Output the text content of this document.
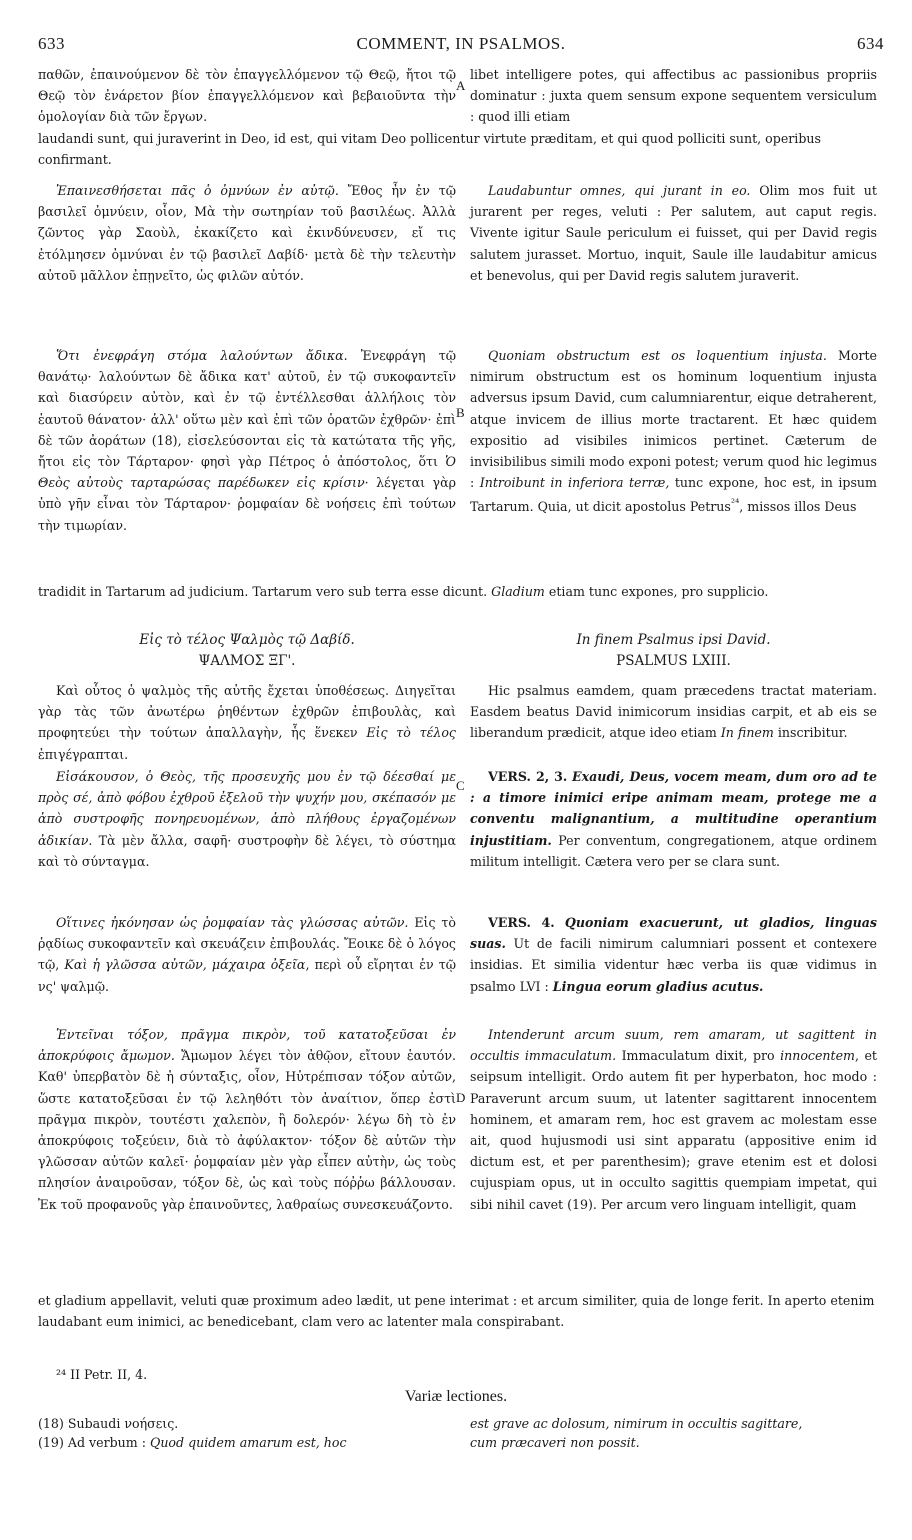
633	COMMENT, IN PSALMOS.	634
A
B
C
D

παθῶν, ἐπαινούμενον δὲ τὸν ἐπαγγελλόμενον τῷ Θεῷ, ἤτοι τῷ Θεῷ τὸν ἐνάρετον βίον ἐπαγγελλόμενον καὶ βεβαιοῦντα τὴν ὁμολογίαν διὰ τῶν ἔργων.

libet intelligere potes, qui affectibus ac passionibus propriis dominatur : juxta quem sensum expone sequentem versiculum : quod illi etiam

laudandi sunt, qui juraverint in Deo, id est, qui vitam Deo pollicentur virtute præditam, et qui quod polliciti sunt, operibus confirmant.

Ἐπαινεσθήσεται πᾶς ὁ ὀμνύων ἐν αὐτῷ. Ἔθος ἦν ἐν τῷ βασιλεῖ ὀμνύειν, οἷον, Μὰ τὴν σωτηρίαν τοῦ βασιλέως. Ἀλλὰ ζῶντος γὰρ Σαοὺλ, ἐκακίζετο καὶ ἐκινδύνευσεν, εἴ τις ἐτόλμησεν ὀμνύναι ἐν τῷ βασιλεῖ Δαβίδ· μετὰ δὲ τὴν τελευτὴν αὐτοῦ μᾶλλον ἐπῃνεῖτο, ὡς φιλῶν αὐτόν.

Laudabuntur omnes, qui jurant in eo. Olim mos fuit ut jurarent per reges, veluti : Per salutem, aut caput regis. Vivente igitur Saule periculum ei fuisset, qui per David regis salutem jurasset. Mortuo, inquit, Saule ille laudabitur amicus et benevolus, qui per David regis salutem juraverit.

Ὅτι ἐνεφράγη στόμα λαλούντων ἄδικα. Ἐνεφράγη τῷ θανάτῳ· λαλούντων δὲ ἄδικα κατ' αὐτοῦ, ἐν τῷ συκοφαντεῖν καὶ διασύρειν αὐτὸν, καὶ ἐν τῷ ἐντέλλεσθαι ἀλλήλοις τὸν ἑαυτοῦ θάνατον· ἀλλ' οὕτω μὲν καὶ ἐπὶ τῶν ὁρατῶν ἐχθρῶν· ἐπὶ δὲ τῶν ἀοράτων (18), εἰσελεύσονται εἰς τὰ κατώτατα τῆς γῆς, ἤτοι εἰς τὸν Τάρταρον· φησὶ γὰρ Πέτρος ὁ ἀπόστολος, ὅτι Ὁ Θεὸς αὐτοὺς ταρταρώσας παρέδωκεν εἰς κρίσιν· λέγεται γὰρ ὑπὸ γῆν εἶναι τὸν Τάρταρον· ῥομφαίαν δὲ νοήσεις ἐπὶ τούτων τὴν τιμωρίαν.

Quoniam obstructum est os loquentium injusta. Morte nimirum obstructum est os hominum loquentium injusta adversus ipsum David, cum calumniarentur, eique detraherent, atque invicem de illius morte tractarent. Et hæc quidem expositio ad visibiles inimicos pertinet. Cæterum de invisibilibus simili modo exponi potest; verum quod hic legimus : Introibunt in inferiora terræ, tunc expone, hoc est, in ipsum Tartarum. Quia, ut dicit apostolus Petrus$^{^{24}}$, missos illos Deus

tradidit in Tartarum ad judicium. Tartarum vero sub terra esse dicunt. Gladium etiam tunc expones, pro supplicio.

Εἰς τὸ τέλος Ψαλμὸς τῷ Δαβίδ.

ΨΑΛΜΟΣ ΞΓ'.

In finem Psalmus ipsi David.

PSALMUS LXIII.

Καὶ οὗτος ὁ ψαλμὸς τῆς αὐτῆς ἔχεται ὑποθέσεως. Διηγεῖται γὰρ τὰς τῶν ἀνωτέρω ῥηθέντων ἐχθρῶν ἐπιβουλὰς, καὶ προφητεύει τὴν τούτων ἀπαλλαγὴν, ἧς ἕνεκεν Εἰς τὸ τέλος ἐπιγέγραπται.

Hic psalmus eamdem, quam præcedens tractat materiam. Easdem beatus David inimicorum insidias carpit, et ab eis se liberandum prædicit, atque ideo etiam In finem inscribitur.

Εἰσάκουσον, ὁ Θεὸς, τῆς προσευχῆς μου ἐν τῷ δέεσθαί με πρὸς σέ, ἀπὸ φόβου ἐχθροῦ ἐξελοῦ τὴν ψυχήν μου, σκέπασόν με ἀπὸ συστροφῆς πονηρευομένων, ἀπὸ πλήθους ἐργαζομένων ἀδικίαν. Τὰ μὲν ἄλλα, σαφῆ· συστροφὴν δὲ λέγει, τὸ σύστημα καὶ τὸ σύνταγμα.

VERS. 2, 3. Exaudi, Deus, vocem meam, dum oro ad te : a timore inimici eripe animam meam, protege me a conventu malignantium, a multitudine operantium injustitiam. Per conventum, congregationem, atque ordinem militum intelligit. Cætera vero per se clara sunt.

Οἵτινες ἠκόνησαν ὡς ῥομφαίαν τὰς γλώσσας αὐτῶν. Εἰς τὸ ῥᾳδίως συκοφαντεῖν καὶ σκευάζειν ἐπιβουλάς. Ἔοικε δὲ ὁ λόγος τῷ, Καὶ ἡ γλῶσσα αὐτῶν, μάχαιρα ὀξεῖα, περὶ οὗ εἴρηται ἐν τῷ νς' ψαλμῷ.

VERS. 4. Quoniam exacuerunt, ut gladios, linguas suas. Ut de facili nimirum calumniari possent et contexere insidias. Et similia videntur hæc verba iis quæ vidimus in psalmo LVI : Lingua eorum gladius acutus.

Ἐντεῖναι τόξον, πρᾶγμα πικρὸν, τοῦ κατατοξεῦσαι ἐν ἀποκρύφοις ἄμωμον. Ἄμωμον λέγει τὸν ἀθῷον, εἴτουν ἑαυτόν. Καθ' ὑπερβατὸν δὲ ἡ σύνταξις, οἷον, Ηὐτρέπισαν τόξον αὐτῶν, ὥστε κατατοξεῦσαι ἐν τῷ λεληθότι τὸν ἀναίτιον, ὅπερ ἐστὶ πρᾶγμα πικρὸν, τουτέστι χαλεπὸν, ἢ δολερόν· λέγω δὴ τὸ ἐν ἀποκρύφοις τοξεύειν, διὰ τὸ ἀφύλακτον· τόξον δὲ αὐτῶν τὴν γλῶσσαν αὐτῶν καλεῖ· ῥομφαίαν μὲν γὰρ εἶπεν αὐτὴν, ὡς τοὺς πλησίον ἀναιροῦσαν, τόξον δὲ, ὡς καὶ τοὺς πόῤῥω βάλλουσαν. Ἐκ τοῦ προφανοῦς γὰρ ἐπαινοῦντες, λαθραίως συνεσκευάζοντο.

Intenderunt arcum suum, rem amaram, ut sagittent in occultis immaculatum. Immaculatum dixit, pro innocentem, et seipsum intelligit. Ordo autem fit per hyperbaton, hoc modo : Paraverunt arcum suum, ut latenter sagittarent innocentem hominem, et amaram rem, hoc est gravem ac molestam esse ait, quod hujusmodi usi sint apparatu (appositive enim id dictum est, et per parenthesim); grave etenim est et dolosi cujuspiam opus, ut in occulto sagittis quempiam impetat, qui sibi nihil cavet (19). Per arcum vero linguam intelligit, quam

et gladium appellavit, veluti quæ proximum adeo lædit, ut pene interimat : et arcum similiter, quia de longe ferit. In aperto etenim laudabant eum inimici, ac benedicebant, clam vero ac latenter mala conspirabant.

²⁴ II Petr. II, 4.

Variæ lectiones.

(18) Subaudi νοήσεις.

(19) Ad verbum : Quod quidem amarum est, hoc

est grave ac dolosum, nimirum in occultis sagittare,

cum præcaveri non possit.
